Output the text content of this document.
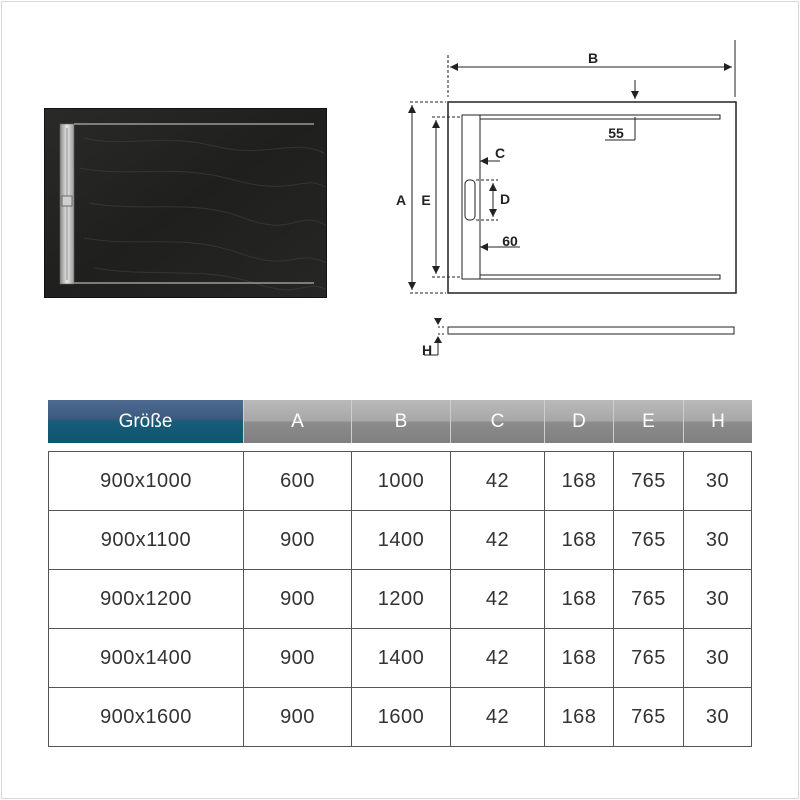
B
A E
C
D
55
60
H
Größe	A	B	C	D	E	H
900x1000	600	1000	42	168	765	30
900x1100	900	1400	42	168	765	30
900x1200	900	1200	42	168	765	30
900x1400	900	1400	42	168	765	30
900x1600	900	1600	42	168	765	30
